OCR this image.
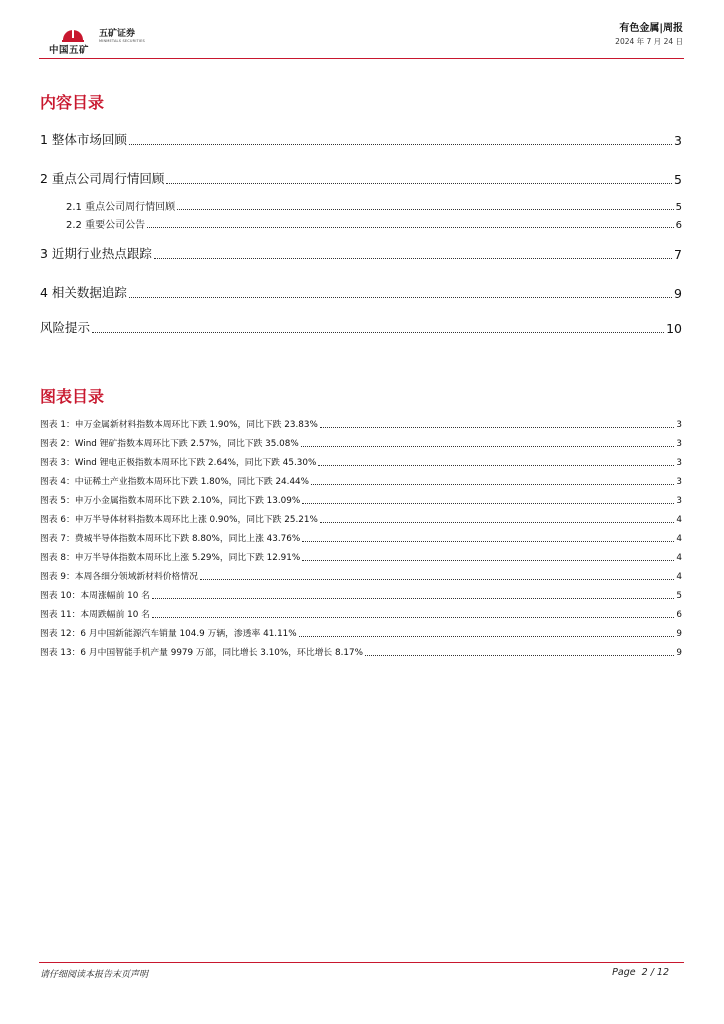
中国五矿
五矿证券
MINMETALS SECURITIES
有色金属|周报
2024 年 7 月 24 日
内容目录
1 整体市场回顾	3
2 重点公司周行情回顾	5
2.1 重点公司周行情回顾	5
2.2 重要公司公告	6
3 近期行业热点跟踪	7
4 相关数据追踪	9
风险提示	10
图表目录
图表 1：申万金属新材料指数本周环比下跌 1.90%，同比下跌 23.83%	3
图表 2：Wind 锂矿指数本周环比下跌 2.57%，同比下跌 35.08%	3
图表 3：Wind 锂电正极指数本周环比下跌 2.64%，同比下跌 45.30%	3
图表 4：中证稀土产业指数本周环比下跌 1.80%，同比下跌 24.44%	3
图表 5：申万小金属指数本周环比下跌 2.10%，同比下跌 13.09%	3
图表 6：申万半导体材料指数本周环比上涨 0.90%，同比下跌 25.21%	4
图表 7：费城半导体指数本周环比下跌 8.80%，同比上涨 43.76%	4
图表 8：申万半导体指数本周环比上涨 5.29%，同比下跌 12.91%	4
图表 9：本周各细分领域新材料价格情况	4
图表 10：本周涨幅前 10 名	5
图表 11：本周跌幅前 10 名	6
图表 12：6 月中国新能源汽车销量 104.9 万辆，渗透率 41.11%	9
图表 13：6 月中国智能手机产量 9979 万部，同比增长 3.10%，环比增长 8.17%	9
请仔细阅读本报告末页声明	Page 2 / 12
